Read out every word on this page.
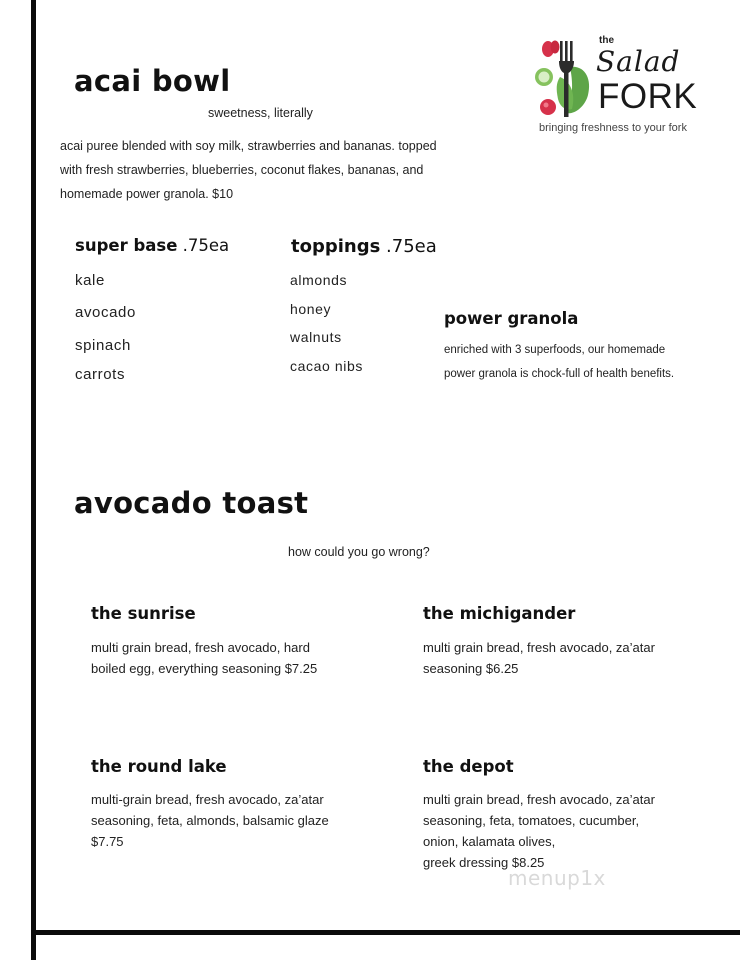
the
Salad
FORK
bringing freshness to your fork
acai bowl
sweetness, literally
acai puree blended with soy milk, strawberries and bananas. topped
with fresh strawberries, blueberries, coconut flakes, bananas, and
homemade power granola. $10
super base .75ea
kale
avocado
spinach
carrots
toppings .75ea
almonds
honey
walnuts
cacao nibs
power granola
enriched with 3 superfoods, our homemade
power granola is chock-full of health benefits.
avocado toast
how could you go wrong?
the sunrise
multi grain bread, fresh avocado, hard
boiled egg, everything seasoning $7.25
the michigander
multi grain bread, fresh avocado, za’atar
seasoning $6.25
the round lake
multi-grain bread, fresh avocado, za’atar
seasoning, feta, almonds, balsamic glaze
$7.75
the depot
multi grain bread, fresh avocado, za’atar
seasoning, feta, tomatoes, cucumber,
onion, kalamata olives,
greek dressing $8.25
menup1x
